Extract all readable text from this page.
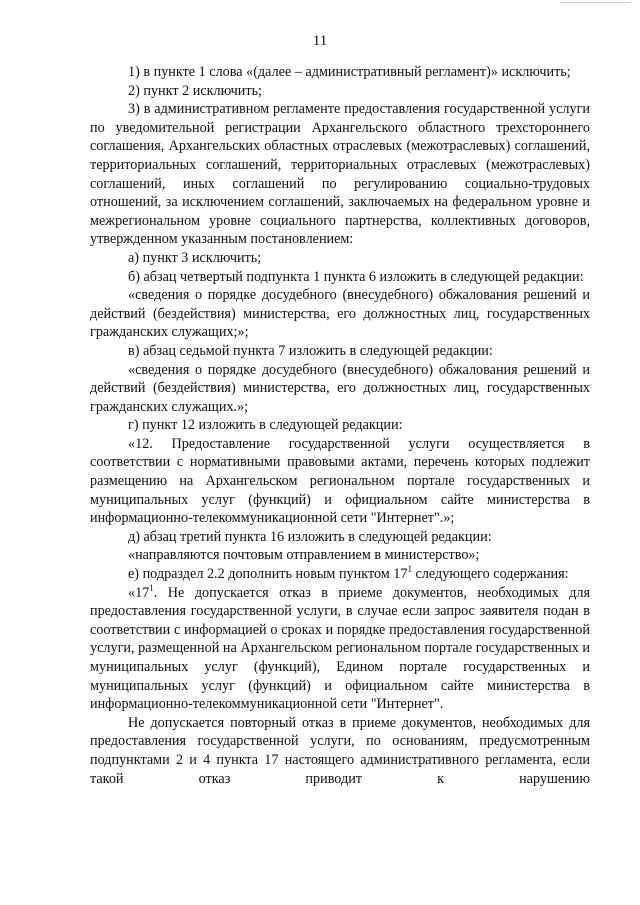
11

1) в пункте 1 слова «(далее – административный регламент)» исключить;

2) пункт 2 исключить;

3) в административном регламенте предоставления государственной услуги по уведомительной регистрации Архангельского областного трехстороннего соглашения, Архангельских областных отраслевых (межотраслевых) соглашений, территориальных соглашений, территориальных отраслевых (межотраслевых) соглашений, иных соглашений по регулированию социально-трудовых отношений, за исключением соглашений, заключаемых на федеральном уровне и межрегиональном уровне социального партнерства, коллективных договоров, утвержденном указанным постановлением:

а) пункт 3 исключить;

б) абзац четвертый подпункта 1 пункта 6 изложить в следующей редакции:

«сведения о порядке досудебного (внесудебного) обжалования решений и действий (бездействия) министерства, его должностных лиц, государственных гражданских служащих;»;

в) абзац седьмой пункта 7 изложить в следующей редакции:

«сведения о порядке досудебного (внесудебного) обжалования решений и действий (бездействия) министерства, его должностных лиц, государственных гражданских служащих.»;

г) пункт 12 изложить в следующей редакции:

«12. Предоставление государственной услуги осуществляется в соответствии с нормативными правовыми актами, перечень которых подлежит размещению на Архангельском региональном портале государственных и муниципальных услуг (функций) и официальном сайте министерства в информационно-телекоммуникационной сети "Интернет".»;

д) абзац третий пункта 16 изложить в следующей редакции:

«направляются почтовым отправлением в министерство»;

е) подраздел 2.2 дополнить новым пунктом $17^1$ следующего содержания:

«$17^1$. Не допускается отказ в приеме документов, необходимых для предоставления государственной услуги, в случае если запрос заявителя подан в соответствии с информацией о сроках и порядке предоставления государственной услуги, размещенной на Архангельском региональном портале государственных и муниципальных услуг (функций), Едином портале государственных и муниципальных услуг (функций) и официальном сайте министерства в информационно-телекоммуникационной сети "Интернет".

Не допускается повторный отказ в приеме документов, необходимых для предоставления государственной услуги, по основаниям, предусмотренным подпунктами 2 и 4 пункта 17 настоящего административного регламента, если такой отказ приводит к нарушению
